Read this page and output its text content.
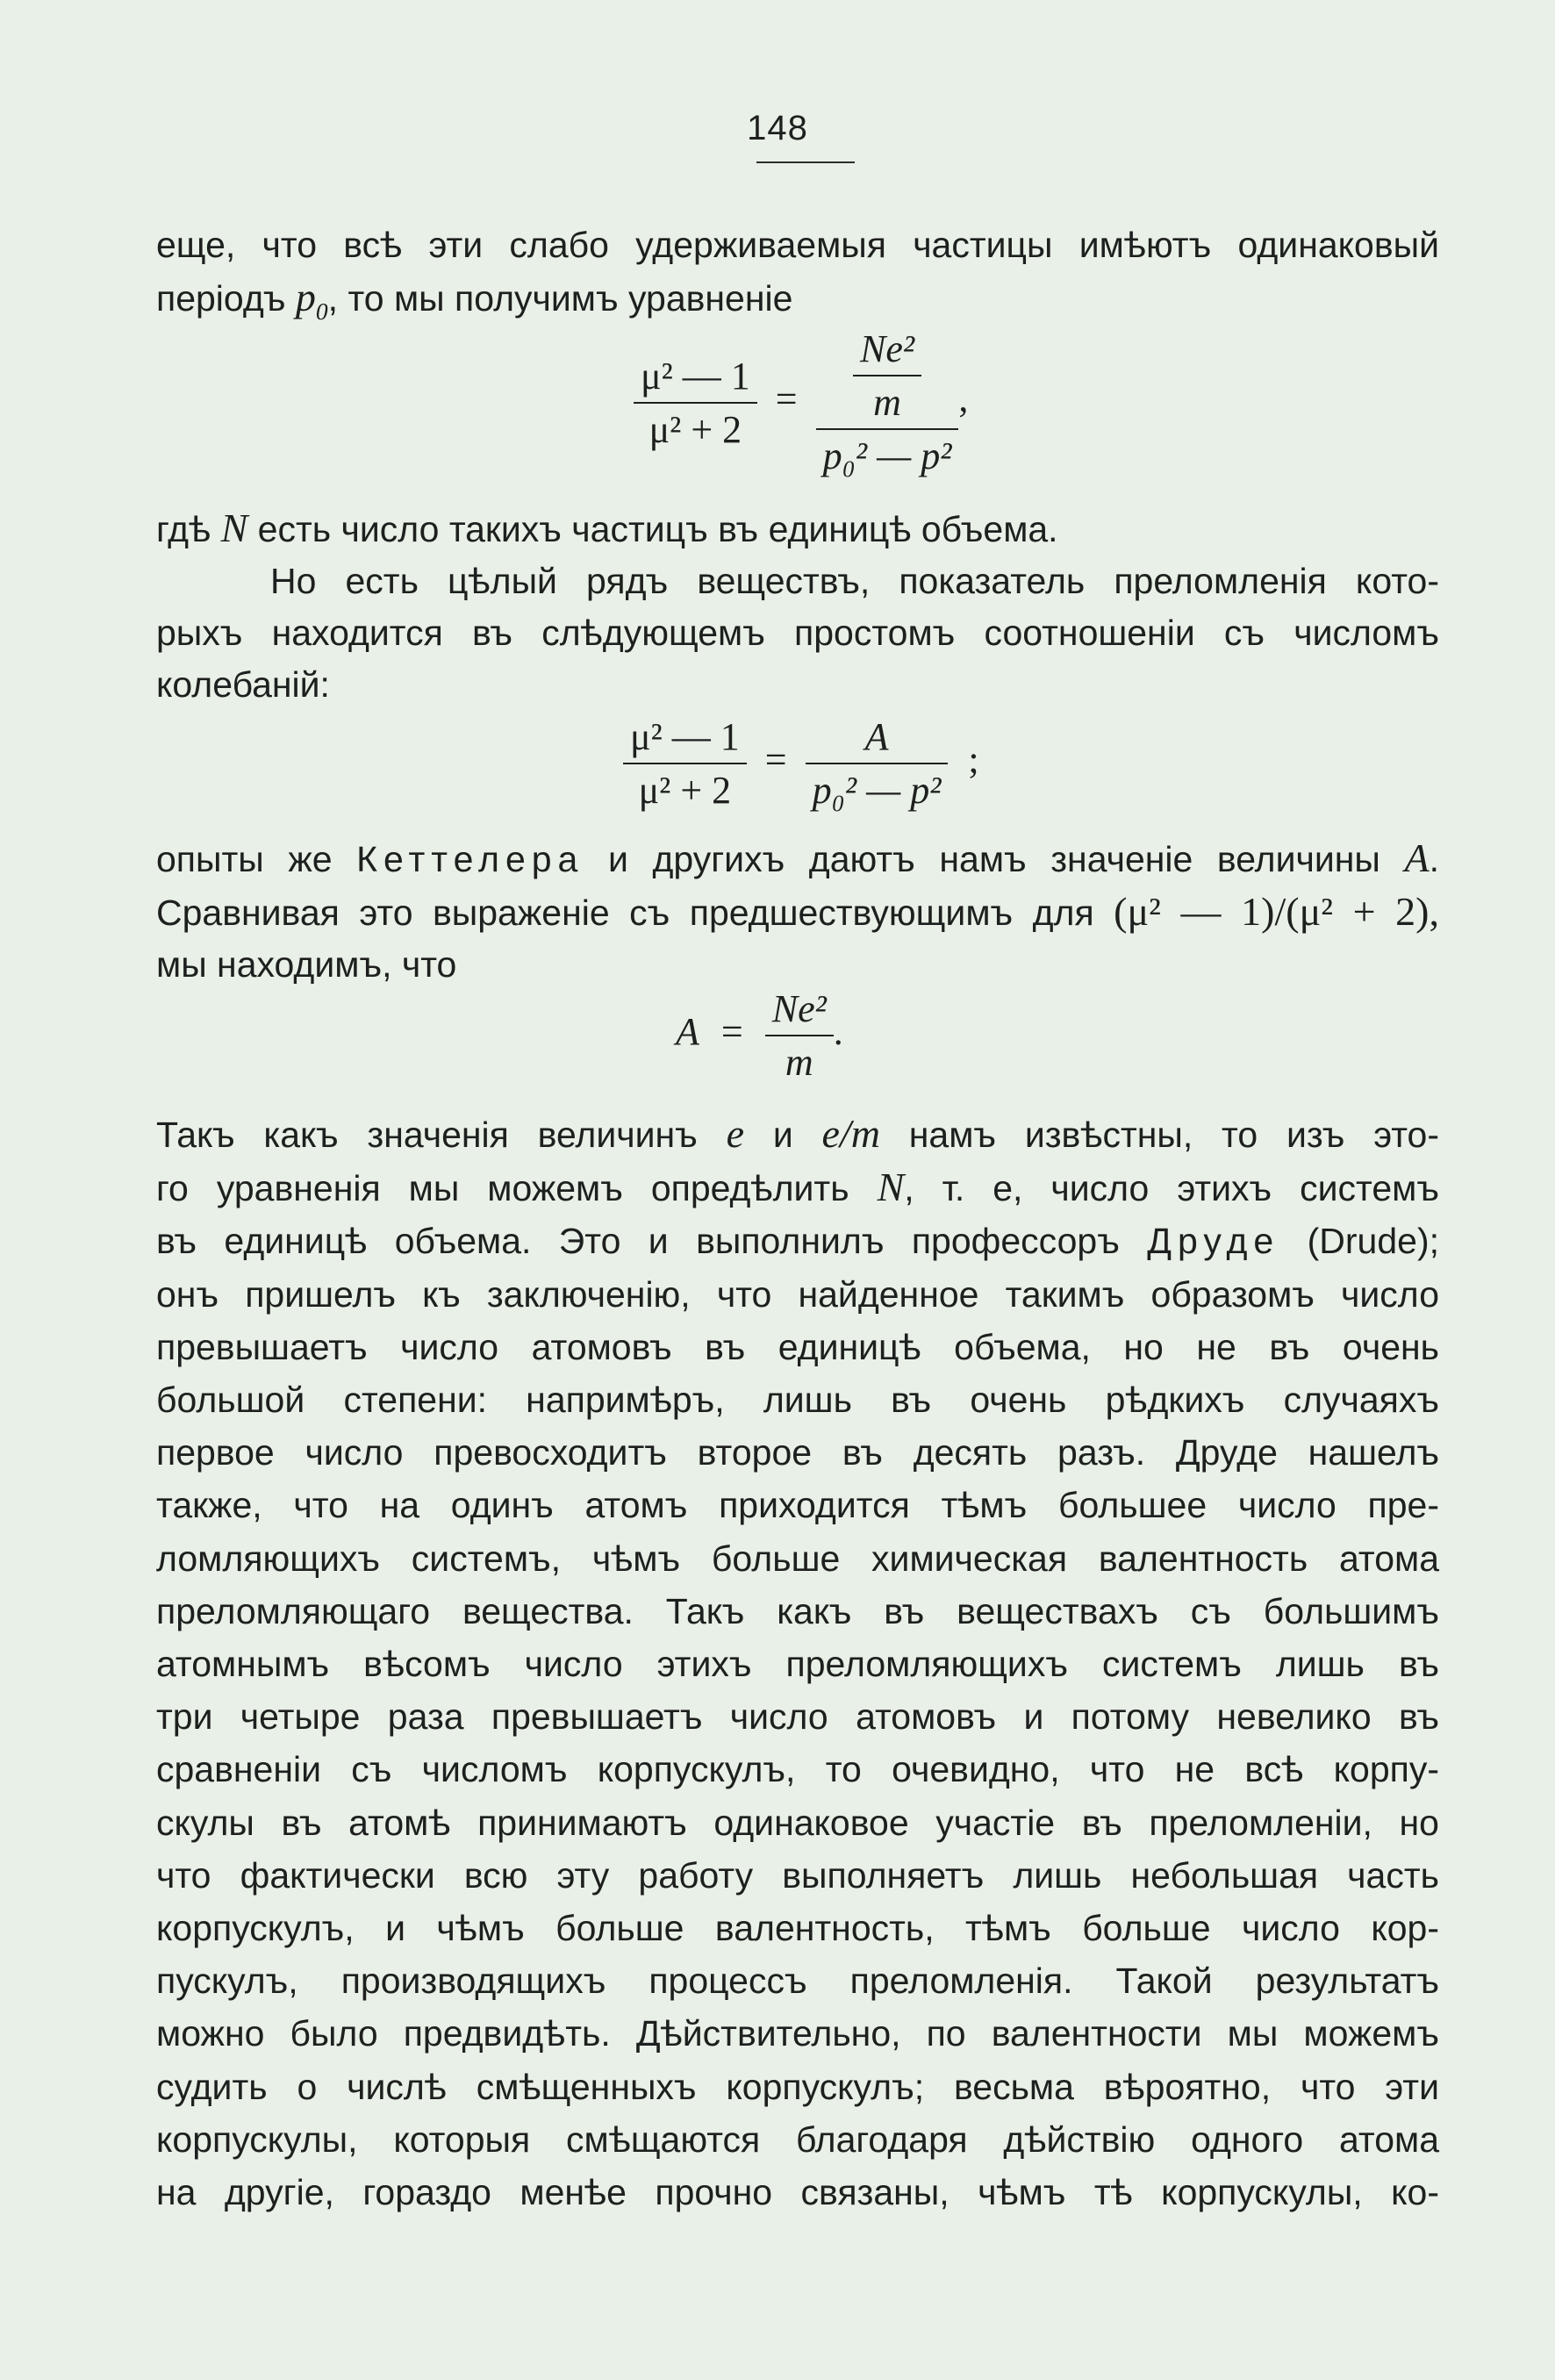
148
еще, что всѣ эти слабо удерживаемыя частицы имѣютъ одинаковый
періодъ $p_0$, то мы получимъ уравненіе
$\frac{\text{μ² — 1}}{\text{μ² + 2}} = \frac{\frac{\text{Ne²}}{m}}{\text{p₀² — p²}}$ ,
гдѣ N есть число такихъ частицъ въ единицѣ объема.
Но есть цѣлый рядъ веществъ, показатель преломленія кото-
рыхъ находится въ слѣдующемъ простомъ соотношеніи съ числомъ
колебаній:
$\frac{\text{μ² — 1}}{\text{μ² + 2}} = \frac{A}{\text{p₀² — p²}}$ ;
опыты же Кеттелера и другихъ даютъ намъ значеніе величины A.
Сравнивая это выраженіе съ предшествующимъ для (μ² — 1)/(μ² + 2),
мы находимъ, что
$A = \frac{\text{Ne²}}{m}$ .
Такъ какъ значенія величинъ e и e/m намъ извѣстны, то изъ это-
го уравненія мы можемъ опредѣлить N, т. е, число этихъ системъ
въ единицѣ объема. Это и выполнилъ профессоръ Друде (Drude);
онъ пришелъ къ заключенію, что найденное такимъ образомъ число
превышаетъ число атомовъ въ единицѣ объема, но не въ очень
большой степени: напримѣръ, лишь въ очень рѣдкихъ случаяхъ
первое число превосходитъ второе въ десять разъ. Друде нашелъ
также, что на одинъ атомъ приходится тѣмъ большее число пре-
ломляющихъ системъ, чѣмъ больше химическая валентность атома
преломляющаго вещества. Такъ какъ въ веществахъ съ большимъ
атомнымъ вѣсомъ число этихъ преломляющихъ системъ лишь въ
три четыре раза превышаетъ число атомовъ и потому невелико въ
сравненіи съ числомъ корпускулъ, то очевидно, что не всѣ корпу-
скулы въ атомѣ принимаютъ одинаковое участіе въ преломленіи, но
что фактически всю эту работу выполняетъ лишь небольшая часть
корпускулъ, и чѣмъ больше валентность, тѣмъ больше число кор-
пускулъ, производящихъ процессъ преломленія. Такой результатъ
можно было предвидѣть. Дѣйствительно, по валентности мы можемъ
судить о числѣ смѣщенныхъ корпускулъ; весьма вѣроятно, что эти
корпускулы, которыя смѣщаются благодаря дѣйствію одного атома
на другіе, гораздо менѣе прочно связаны, чѣмъ тѣ корпускулы, ко-
